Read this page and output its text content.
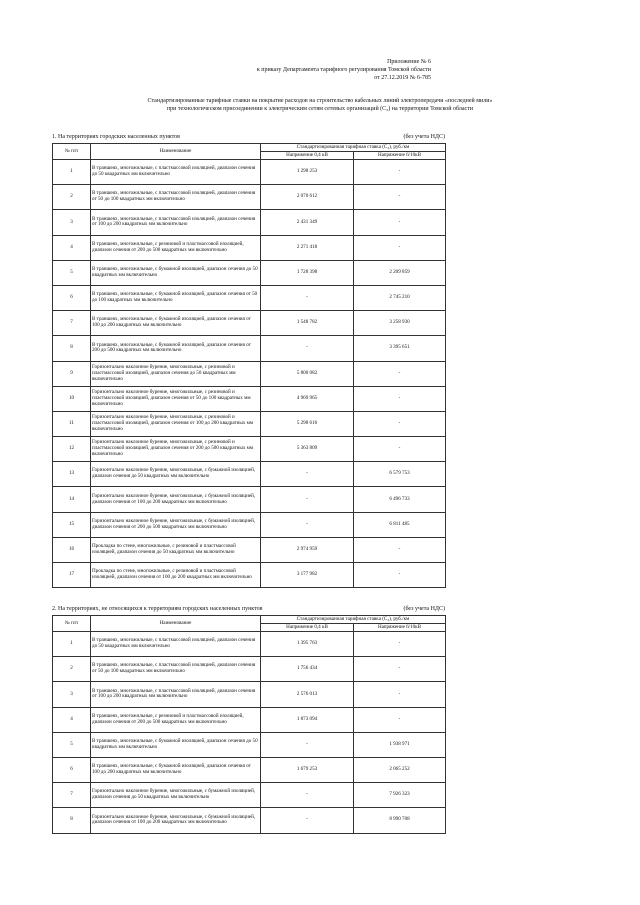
Приложение № 6
к приказу Департамента тарифного регулирования Томской области
от 27.12.2019 № 6-785
Стандартизированные тарифные ставки на покрытие расходов на строительство кабельных линий электропередачи «последней мили»
при технологическом присоединении к электрическим сетям сетевых организаций (С₃) на территории Томской области
1. На территориях городских населенных пунктов	(без учета НДС)
№ п/п	Наименование	Стандартизированная тарифная ставка (С₃), руб./км	
		Напряжение 0,4 кВ	Напряжение 6/10кВ
1	В траншеях, многожильные, с пластмассовой изоляцией, диапазон сечения до 50 квадратных мм включительно	1 298 253	-
2	В траншеях, многожильные, с пластмассовой изоляцией, диапазон сечения от 50 до 100 квадратных мм включительно	2 070 612	-
3	В траншеях, многожильные, с пластмассовой изоляцией, диапазон сечения от 100 до 200 квадратных мм включительно	2 431 349	-
4	В траншеях, многожильные, с резиновой и пластмассовой изоляцией, диапазон сечения от 200 до 500 квадратных мм включительно	2 271 418	-
5	В траншеях, многожильные, с бумажной изоляцией, диапазон сечения до 50 квадратных мм включительно	1 728 398	2 209 859
6	В траншеях, многожильные, с бумажной изоляцией, диапазон сечения от 50 до 100 квадратных мм включительно	-	2 745 210
7	В траншеях, многожильные, с бумажной изоляцией, диапазон сечения от 100 до 200 квадратных мм включительно	1 548 782	3 258 930
8	В траншеях, многожильные, с бумажной изоляцией, диапазон сечения от 200 до 500 квадратных мм включительно	-	3 395 651
9	Горизонтально наклонное бурение, многожильные, с резиновой и пластмассовой изоляцией, диапазон сечения до 50 квадратных мм включительно	5 800 082	-
10	Горизонтально наклонное бурение, многожильные, с резиновой и пластмассовой изоляцией, диапазон сечения от 50 до 100 квадратных мм включительно	4 969 965	-
11	Горизонтально наклонное бурение, многожильные, с резиновой и пластмассовой изоляцией, диапазон сечения от 100 до 200 квадратных мм включительно	5 298 616	-
12	Горизонтально наклонное бурение, многожильные, с резиновой и пластмассовой изоляцией, диапазон сечения от 200 до 500 квадратных мм включительно	5 363 809	-
13	Горизонтально наклонное бурение, многожильные, с бумажной изоляцией, диапазон сечения до 50 квадратных мм включительно	-	6 579 753
14	Горизонтально наклонное бурение, многожильные, с бумажной изоляцией, диапазон сечения от 100 до 200 квадратных мм включительно	-	6 496 733
15	Горизонтально наклонное бурение, многожильные, с бумажной изоляцией, диапазон сечения от 200 до 500 квадратных мм включительно	-	6 811 485
16	Прокладка по стене, многожильные, с резиновой и пластмассовой изоляцией, диапазон сечения до 50 квадратных мм включительно	2 974 959	-
17	Прокладка по стене, многожильные, с резиновой и пластмассовой изоляцией, диапазон сечения от 100 до 200 квадратных мм включительно	3 177 982	-
2. На территориях, не относящихся к территориям городских населенных пунктов	(без учета НДС)
№ п/п	Наименование	Стандартизированная тарифная ставка (С₃), руб./км	
		Напряжение 0,4 кВ	Напряжение 6/10кВ
1	В траншеях, многожильные, с пластмассовой изоляцией, диапазон сечения до 50 квадратных мм включительно	1 395 763	-
2	В траншеях, многожильные, с пластмассовой изоляцией, диапазон сечения от 50 до 100 квадратных мм включительно	1 756 434	-
3	В траншеях, многожильные, с пластмассовой изоляцией, диапазон сечения от 100 до 200 квадратных мм включительно	2 576 013	-
4	В траншеях, многожильные, с резиновой и пластмассовой изоляцией, диапазон сечения от 200 до 500 квадратных мм включительно	1 873 094	-
5	В траншеях, многожильные, с бумажной изоляцией, диапазон сечения до 50 квадратных мм включительно	-	1 938 971
6	В траншеях, многожильные, с бумажной изоляцией, диапазон сечения от 100 до 200 квадратных мм включительно	1 679 253	2 065 252
7	Горизонтально наклонное бурение, многожильные, с бумажной изоляцией, диапазон сечения до 50 квадратных мм включительно	-	7 926 323
8	Горизонтально наклонное бурение, многожильные, с бумажной изоляцией, диапазон сечения от 100 до 200 квадратных мм включительно	-	8 990 708
